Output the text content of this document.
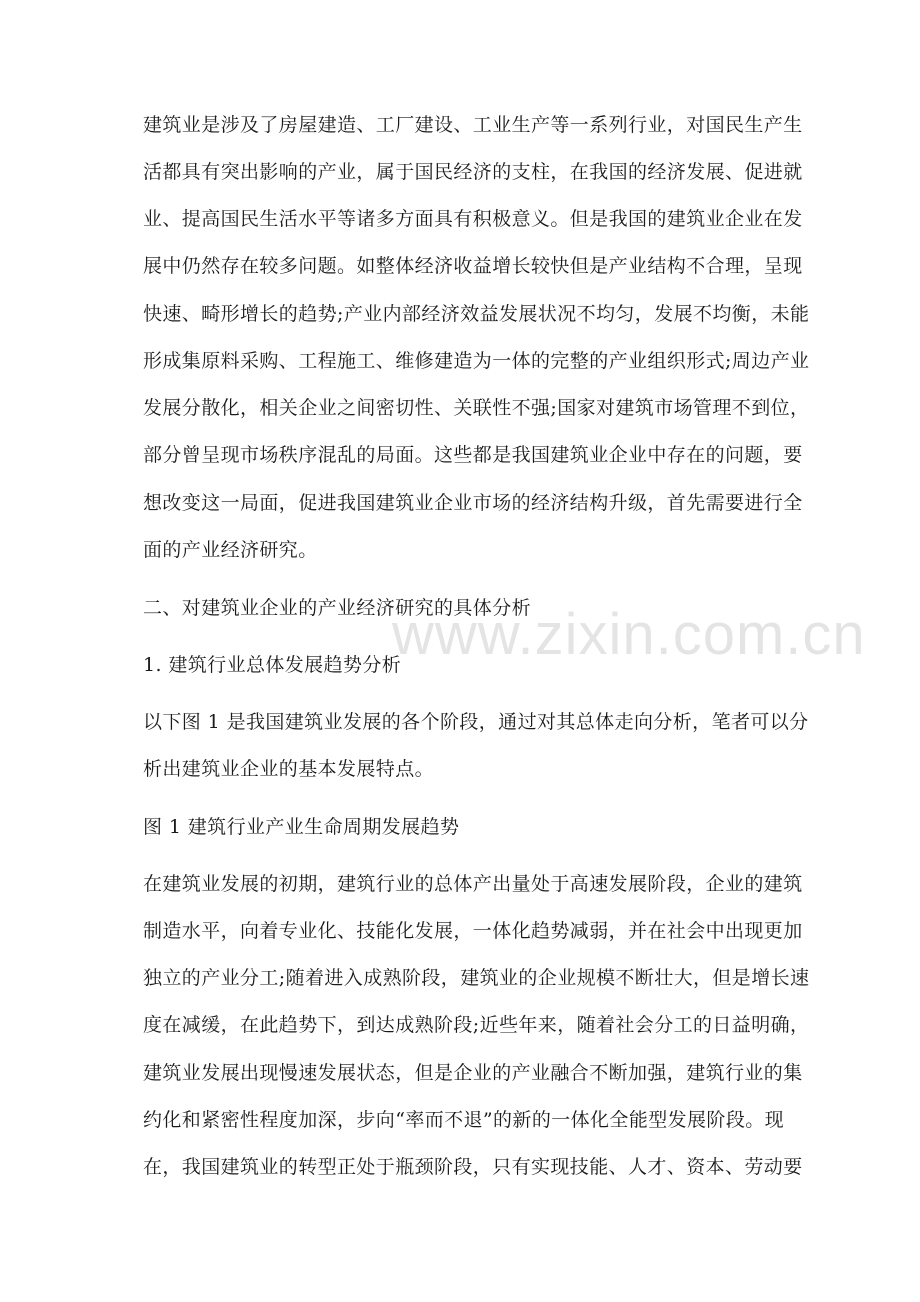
建筑业是涉及了房屋建造、工厂建设、工业生产等一系列行业，对国民生产生
活都具有突出影响的产业，属于国民经济的支柱，在我国的经济发展、促进就
业、提高国民生活水平等诸多方面具有积极意义。但是我国的建筑业企业在发
展中仍然存在较多问题。如整体经济收益增长较快但是产业结构不合理，呈现
快速、畸形增长的趋势;产业内部经济效益发展状况不均匀，发展不均衡，未能
形成集原料采购、工程施工、维修建造为一体的完整的产业组织形式;周边产业
发展分散化，相关企业之间密切性、关联性不强;国家对建筑市场管理不到位，
部分曾呈现市场秩序混乱的局面。这些都是我国建筑业企业中存在的问题，要
想改变这一局面，促进我国建筑业企业市场的经济结构升级，首先需要进行全
面的产业经济研究。
二、对建筑业企业的产业经济研究的具体分析
www.zixin.com.cn
1. 建筑行业总体发展趋势分析
以下图 1 是我国建筑业发展的各个阶段，通过对其总体走向分析，笔者可以分
析出建筑业企业的基本发展特点。
图 1 建筑行业产业生命周期发展趋势
在建筑业发展的初期，建筑行业的总体产出量处于高速发展阶段，企业的建筑
制造水平，向着专业化、技能化发展，一体化趋势减弱，并在社会中出现更加
独立的产业分工;随着进入成熟阶段，建筑业的企业规模不断壮大，但是增长速
度在减缓，在此趋势下，到达成熟阶段;近些年来，随着社会分工的日益明确，
建筑业发展出现慢速发展状态，但是企业的产业融合不断加强，建筑行业的集
约化和紧密性程度加深，步向“率而不退”的新的一体化全能型发展阶段。现
在，我国建筑业的转型正处于瓶颈阶段，只有实现技能、人才、资本、劳动要
